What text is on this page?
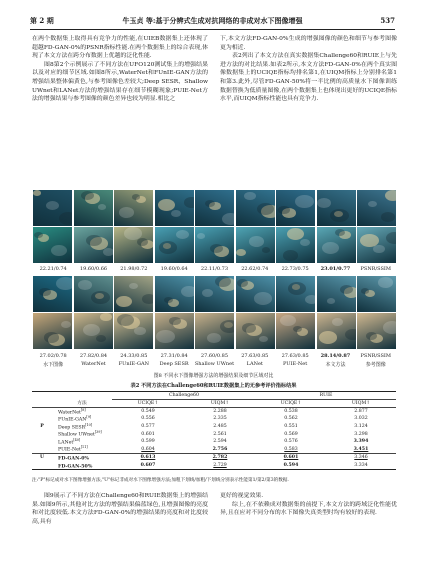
第 2 期	牛玉贞 等:基于分辨式生成对抗网络的非成对水下图像增强	537

在两个数据集上取得具有竞争力的性能,在UIEB数据集上还体现了超越FD-GAN-0%的PSNR指标性能.在两个数据集上的综合表现,体现了本文方法在跨分布数据上优越的泛化性能.

图8第2个示例展示了不同方法在UFO120测试集上的增强结果以及对应的细节区域.如图8所示,WaterNet和FUnIE-GAN方法的增强结果整体偏黄色,与参考图像色差较大;Deep SESR、Shallow UWnet和LANet方法的增强结果存在细节模糊现象;PUIE-Net方法的增强结果与参考图像的颜色差异也较为明显.相比之

下,本文方法FD-GAN-0%生成的增强图像的颜色和细节与参考图像更为相近.

表2列出了本文方法在真实数据集Challenge60和RUIE上与先进方法的对比结果.如表2所示,本文方法FD-GAN-0%在两个真实图像数据集上的UCIQE指标均排名第1,在UIQM指标上分别排名第1和第3.此外,尽管FD-GAN-50%将一半比例的高质量水下图像训练数据替换为低质量图像,在两个数据集上也体现出更好的UCIQE指标水平,而UIQM指标性能也具有竞争力.

22.21/0.74	19.60/0.66	21.98/0.72	19.60/0.64	22.11/0.73	22.62/0.74	22.73/0.75	23.01/0.77	PSNR/SSIM
27.02/0.78	27.82/0.84	24.33/0.85	27.31/0.84	27.60/0.85	27.63/0.85	27.63/0.85	28.14/0.87	PSNR/SSIM
水下图像	WaterNet	FUnIE-GAN	Deep SESR	Shallow UWnet	LANet	PUIE-Net	本文方法	参考图像
图8 不同水下图像增强方法的增强结果及细节区域对比
表2 不同方法在Challenge60和RUIE数据集上的无参考评价指标结果
		Challenge60		RUIE	
	方法	UCIQE↑	UIQM↑	UCIQE↑	UIQM↑
	WaterNet[8]	0.549	2.288	0.538	2.877
	FUnIE-GAN[9]	0.556	2.335	0.562	3.032
P	Deep SESR[10]	0.577	2.485	0.551	3.124
	Shallow UWnet[39]	0.601	2.561	0.569	3.298
	LANet[40]	0.599	2.594	0.576	3.394
	PUIE-Net[11]	0.604	2.756	0.583	3.451
U	FD-GAN-0%	0.613	2.782	0.601	3.346
	FD-GAN-50%	0.607	2.729	0.594	3.334
注:"P"标记成对水下图像增强方法,"U"标记非成对水下图像增强方法;加粗下划线/加粗/下划线分别表示性能第1/第2/第3的数据.

图9展示了不同方法在Challenge60和RUIE数据集上的增强结果.如图9所示,其他对比方法的增强结果偏蓝绿色,且增强图像的亮度和对比度较低.本文方法FD-GAN-0%的增强结果的亮度和对比度较高,具有

更好的视觉效果.

综上,在不依赖成对数据集的前提下,本文方法的跨域泛化性能优异,且在应对不同分布的水下图像失真类型时均有较好的表现.
